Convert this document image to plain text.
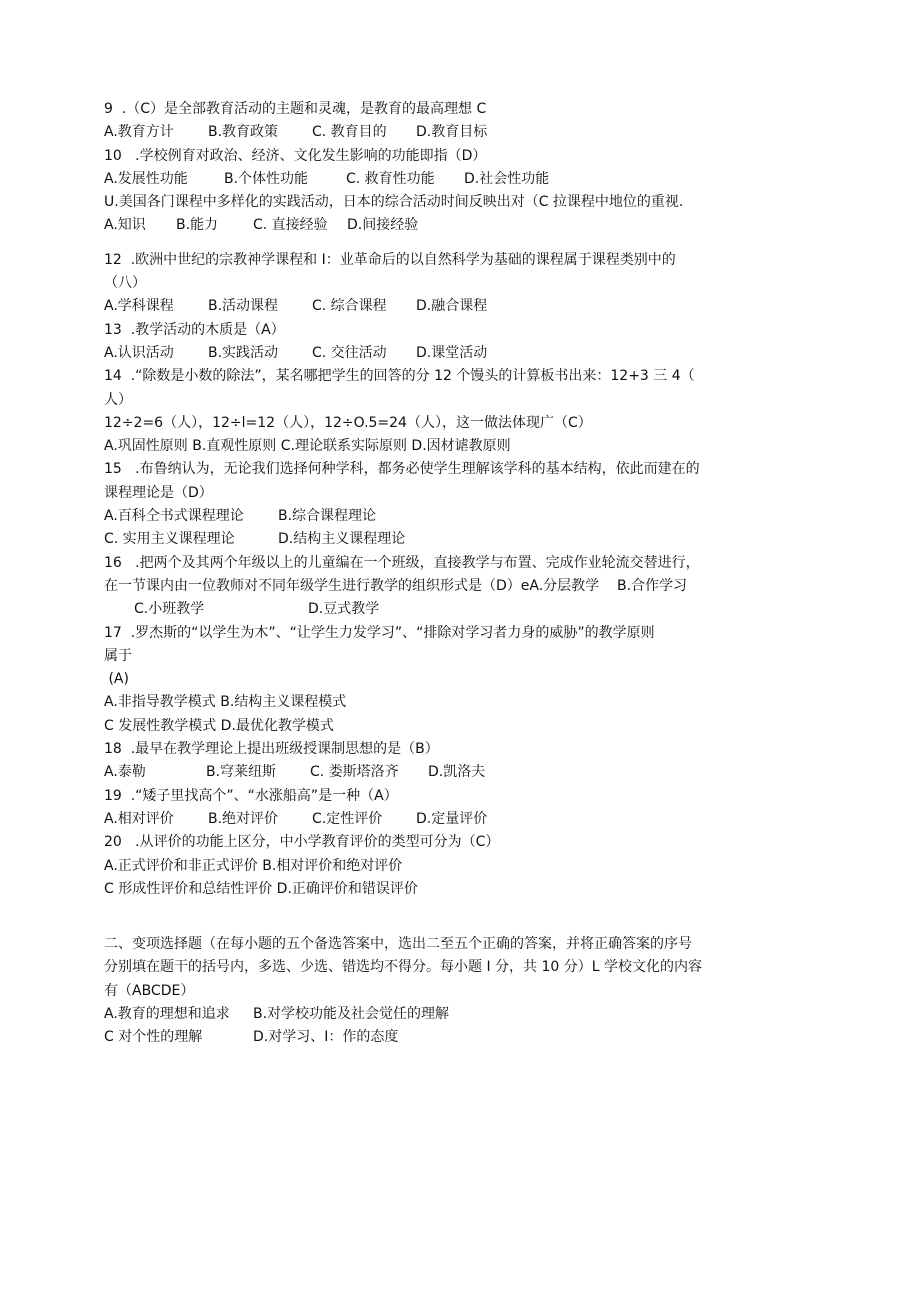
9  .（C）是全部教育活动的主题和灵魂，是教育的最高理想 C
A.教育方计	B.教育政策	C. 教育目的	D.教育目标
10   .学校例育对政治、经济、文化发生影响的功能即指（D）
A.发展性功能	B.个体性功能	C. 救育性功能	D.社会性功能
U.美国各门课程中多样化的实践活动，日本的综合活动时间反映出对（C 拉课程中地位的重视.
A.知识	B.能力	C. 直接经验	D.间接经验
12  .欧洲中世纪的宗教神学课程和 I：业革命后的以自然科学为基础的课程属于课程类别中的
（八）
A.学科课程	B.活动课程	C. 综合课程	D.融合课程
13  .教学活动的木质是（A）
A.认识活动	B.实践活动	C. 交往活动	D.课堂活动
14  .“除数是小数的除法”，某名哪把学生的回答的分 12 个馒头的计算板书出来：12+3 三 4（
人）
12÷2=6（人），12÷l=12（人），12÷O.5=24（人），这一做法体现广（C）
A.巩固性原则 B.直观性原则 C.理论联系实际原则 D.因材谑教原则
15   .布鲁纳认为，无论我们选择何种学科，都务必使学生理解该学科的基本结构，依此而建在的
课程理论是（D）
A.百科仝书式课程理论	B.综合课程理论
C. 实用主义课程理论	D.结构主义课程理论
16   .把两个及其两个年级以上的儿童编在一个班级，直接教学与布置、完成作业轮流交替进行，
在一节课内由一位教师对不同年级学生进行教学的组织形式是（D）eA.分层教学    B.合作学习
C.小班教学	D.豆式教学
17  .罗杰斯的“以学生为木”、“让学生力发学习”、“排除对学习者力身的威胁”的教学原则
属于
(A)
A.非指导教学模式 B.结构主义课程模式
C 发展性教学模式 D.最优化教学模式
18  .最早在教学理论上提出班级授课制思想的是（B）
A.泰勒	B.穹莱纽斯	C. 娄斯塔洛齐	D.凯洛夫
19  .“矮子里找高个”、“水涨船高”是一种（A）
A.相对评价	B.绝对评价	C.定性评价	D.定量评价
20   .从评价的功能上区分，中小学教育评价的类型可分为（C）
A.正式评价和非正式评价 B.相对评价和绝对评价
C 形成性评价和总结性评价 D.正确评价和错误评价
二、变项选择题（在每小题的五个备选答案中，选出二至五个正确的答案，并将正确答案的序号
分别填在题干的括号内，多选、少选、错选均不得分。每小题 I 分，共 10 分）L 学校文化的内容
有（ABCDE）
A.教育的理想和追求	B.对学校功能及社会觉任的理解
C 对个性的理解	D.对学习、I：作的态度
